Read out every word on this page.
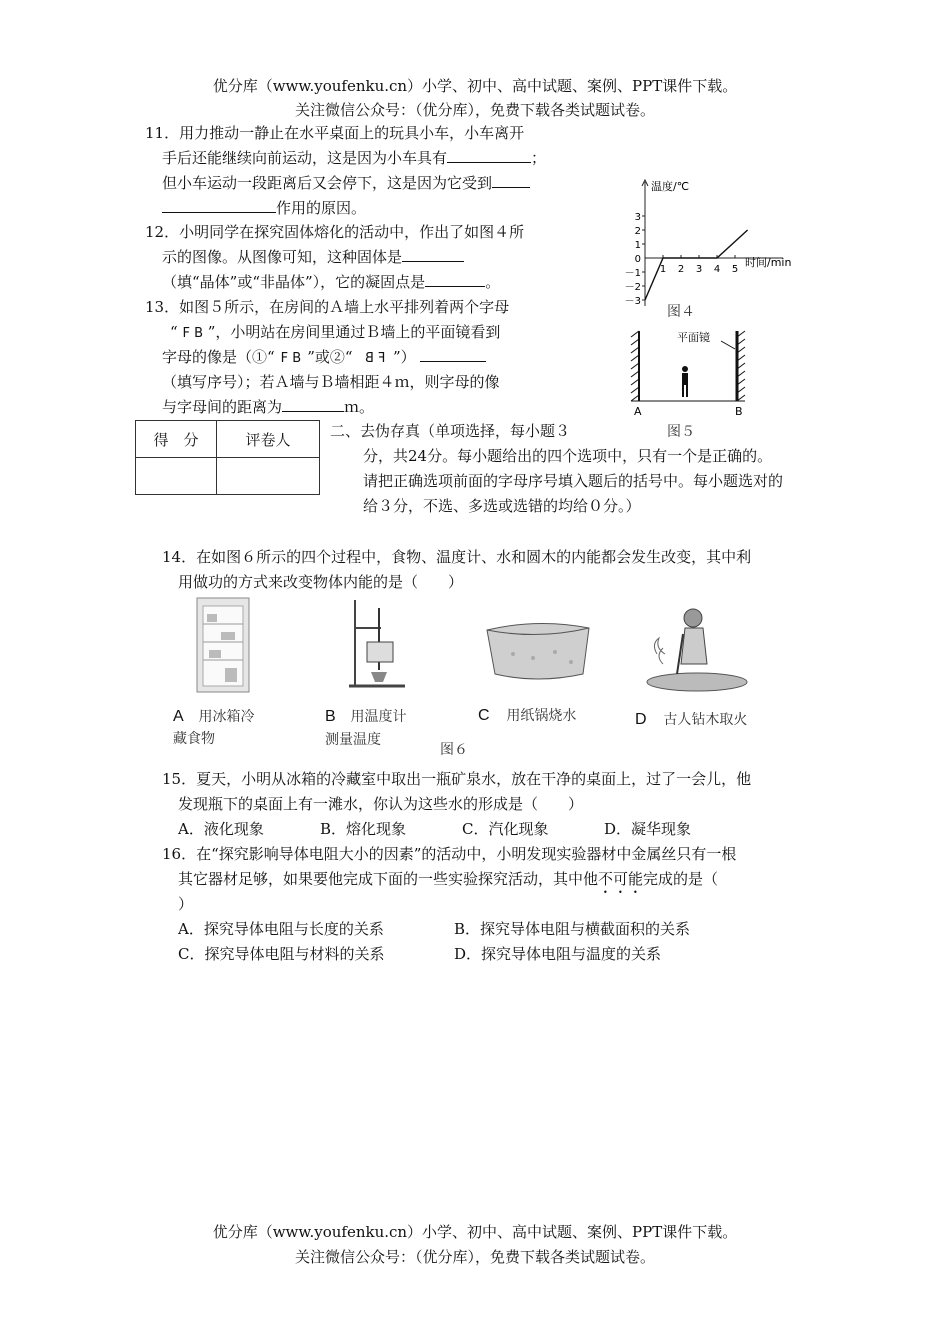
优分库（www.youfenku.cn）小学、初中、高中试题、案例、PPT课件下载。
关注微信公众号：（优分库），免费下载各类试题试卷。
11．用力推动一静止在水平桌面上的玩具小车，小车离开
手后还能继续向前运动，这是因为小车具有	；
但小车运动一段距离后又会停下，这是因为它受到
作用的原因。
12．小明同学在探究固体熔化的活动中，作出了如图４所
示的图像。从图像可知，这种固体是
（填“晶体”或“非晶体”），它的凝固点是	。
13．如图５所示，在房间的Ａ墙上水平排列着两个字母
“ F B ”，小明站在房间里通过Ｂ墙上的平面镜看到
字母的像是（①“ F B ”或②“ FB ”）
（填写序号）；若Ａ墙与Ｂ墙相距４ｍ，则字母的像
与字母间的距离为	ｍ。
温度/℃
时间/min
3
2
1
0
－1
－2
－3
1 2 3 4 5
图４
平面镜
A	B
图５
得　分	评卷人
		二、去伪存真（单项选择，每小题３
分，共24分。每小题给出的四个选项中，只有一个是正确的。
请把正确选项前面的字母序号填入题后的括号中。每小题选对的
给３分，不选、多选或选错的均给０分。）
14．在如图６所示的四个过程中，食物、温度计、水和圆木的内能都会发生改变，其中利
用做功的方式来改变物体内能的是（　　）
A 用冰箱冷
藏食物
B 用温度计
测量温度
C 用纸锅烧水	D 古人钻木取火
图６
15．夏天，小明从冰箱的冷藏室中取出一瓶矿泉水，放在干净的桌面上，过了一会儿，他
发现瓶下的桌面上有一滩水，你认为这些水的形成是（　　）
A．液化现象	B．熔化现象	C．汽化现象	D．凝华现象
16．在“探究影响导体电阻大小的因素”的活动中，小明发现实验器材中金属丝只有一根
其它器材足够，如果要他完成下面的一些实验探究活动，其中他不可能完成的是（
）
A．探究导体电阻与长度的关系	B．探究导体电阻与横截面积的关系
C．探究导体电阻与材料的关系	D．探究导体电阻与温度的关系
优分库（www.youfenku.cn）小学、初中、高中试题、案例、PPT课件下载。
关注微信公众号：（优分库），免费下载各类试题试卷。
